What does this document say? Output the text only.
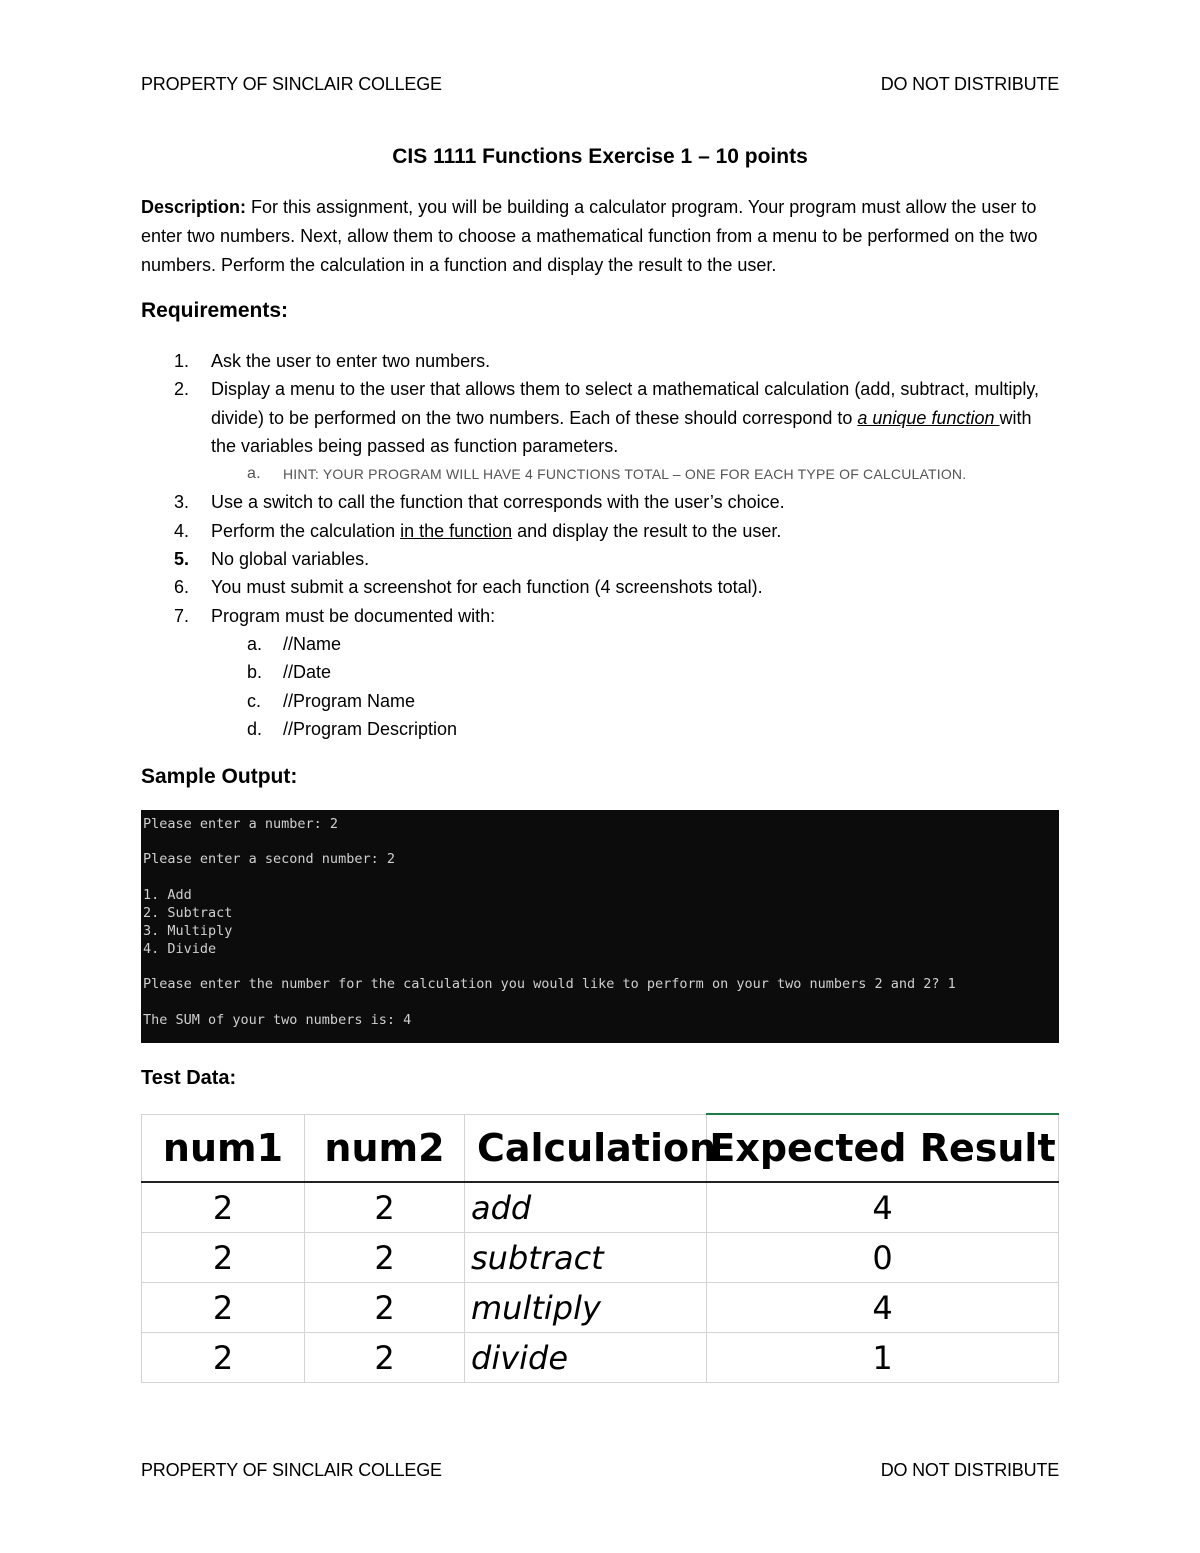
PROPERTY OF SINCLAIR COLLEGE	DO NOT DISTRIBUTE
CIS 1111 Functions Exercise 1 – 10 points
Description: For this assignment, you will be building a calculator program. Your program must allow the user to enter two numbers. Next, allow them to choose a mathematical function from a menu to be performed on the two numbers. Perform the calculation in a function and display the result to the user.
Requirements:
1. Ask the user to enter two numbers.
2. Display a menu to the user that allows them to select a mathematical calculation (add, subtract, multiply, divide) to be performed on the two numbers. Each of these should correspond to a unique function with the variables being passed as function parameters.
a. HINT: YOUR PROGRAM WILL HAVE 4 FUNCTIONS TOTAL – ONE FOR EACH TYPE OF CALCULATION.
3. Use a switch to call the function that corresponds with the user’s choice.
4. Perform the calculation in the function and display the result to the user.
5. No global variables.
6. You must submit a screenshot for each function (4 screenshots total).
7. Program must be documented with:
a. //Name
b. //Date
c. //Program Name
d. //Program Description
Sample Output:
Please enter a number: 2
Please enter a second number: 2
1. Add
2. Subtract
3. Multiply
4. Divide
Please enter the number for the calculation you would like to perform on your two numbers 2 and 2? 1
The SUM of your two numbers is: 4
Test Data:
num1	num2	Calculation	Expected Result
2	2	add	4
2	2	subtract	0
2	2	multiply	4
2	2	divide	1
PROPERTY OF SINCLAIR COLLEGE	DO NOT DISTRIBUTE
